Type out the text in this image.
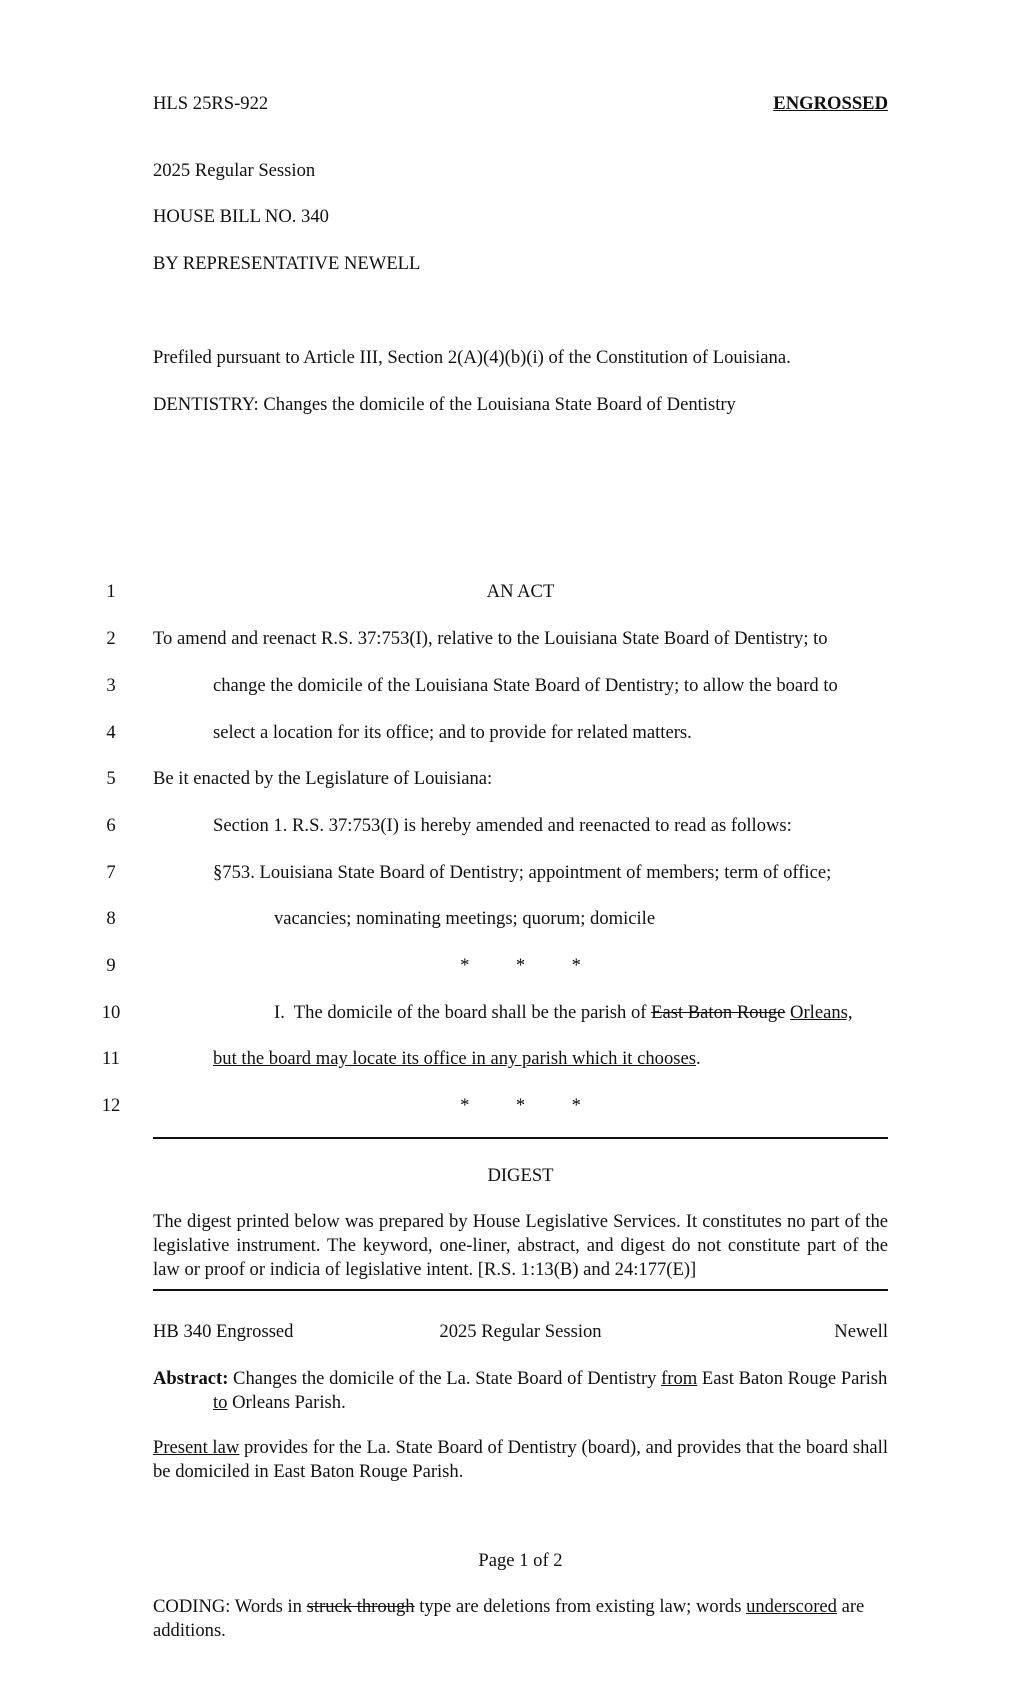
HLS 25RS-922	ENGROSSED
2025 Regular Session
HOUSE BILL NO. 340
BY REPRESENTATIVE NEWELL
Prefiled pursuant to Article III, Section 2(A)(4)(b)(i) of the Constitution of Louisiana.
DENTISTRY: Changes the domicile of the Louisiana State Board of Dentistry
1
2
3
4
5
6
7
8
9
10
11
12
AN ACT
To amend and reenact R.S. 37:753(I), relative to the Louisiana State Board of Dentistry; to
change the domicile of the Louisiana State Board of Dentistry; to allow the board to
select a location for its office; and to provide for related matters.
Be it enacted by the Legislature of Louisiana:
Section 1. R.S. 37:753(I) is hereby amended and reenacted to read as follows:
§753. Louisiana State Board of Dentistry; appointment of members; term of office;
vacancies; nominating meetings; quorum; domicile
*          *          *
I.  The domicile of the board shall be the parish of East Baton Rouge Orleans,
but the board may locate its office in any parish which it chooses.
*          *          *
DIGEST
The digest printed below was prepared by House Legislative Services. It constitutes no part of the legislative instrument. The keyword, one-liner, abstract, and digest do not constitute part of the law or proof or indicia of legislative intent. [R.S. 1:13(B) and 24:177(E)]
HB 340 Engrossed	2025 Regular Session	Newell
Abstract: Changes the domicile of the La. State Board of Dentistry from East Baton Rouge Parish to Orleans Parish.
Present law provides for the La. State Board of Dentistry (board), and provides that the board shall be domiciled in East Baton Rouge Parish.
Page 1 of 2
CODING: Words in struck through type are deletions from existing law; words underscored are additions.
